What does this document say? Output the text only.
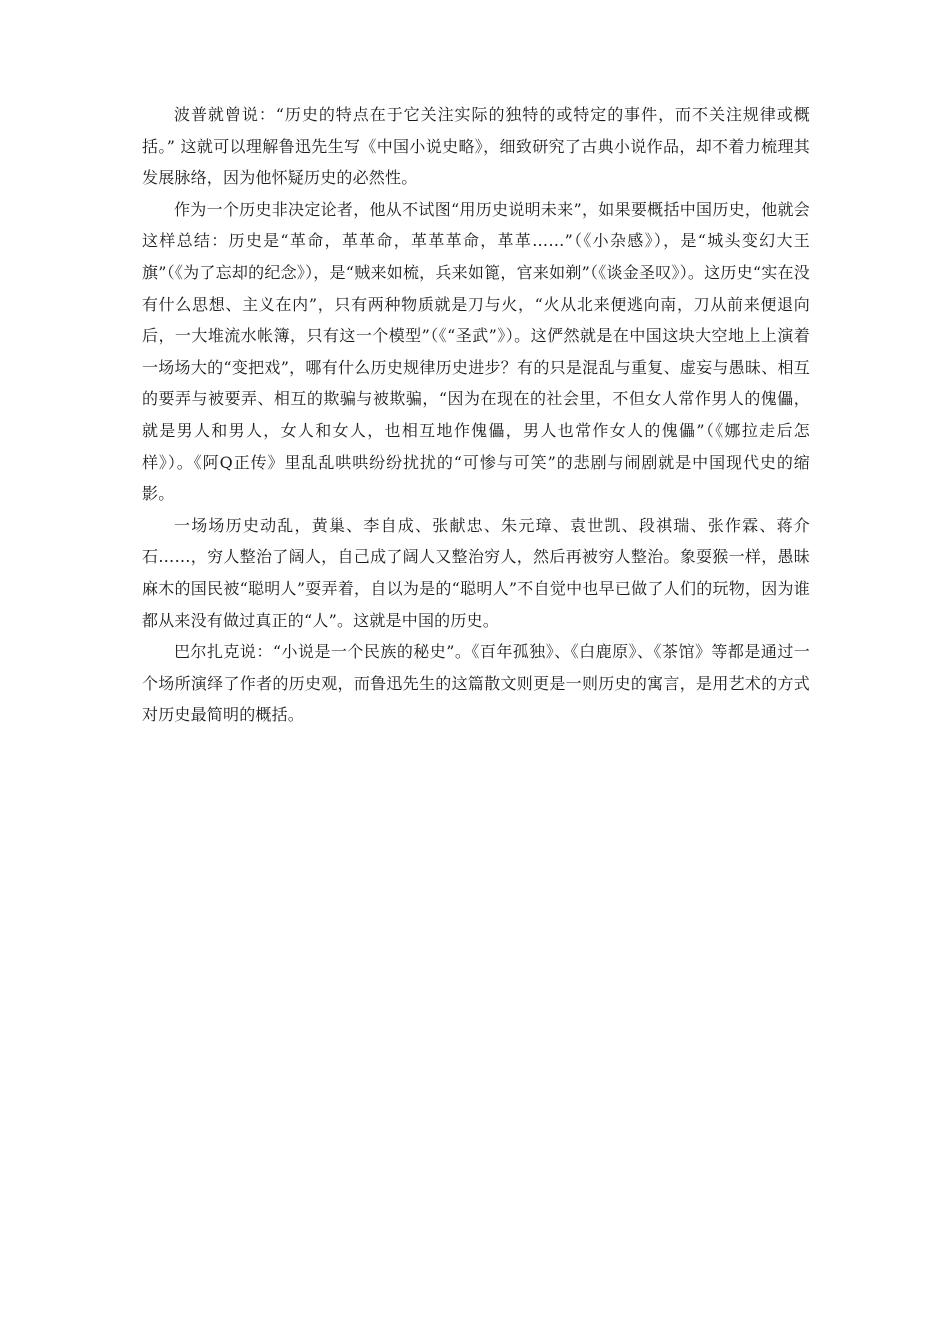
波普就曾说：“历史的特点在于它关注实际的独特的或特定的事件，而不关注规律或概括。” 这就可以理解鲁迅先生写《中国小说史略》，细致研究了古典小说作品，却不着力梳理其发展脉络，因为他怀疑历史的必然性。

作为一个历史非决定论者，他从不试图“用历史说明未来”，如果要概括中国历史，他就会这样总结：历史是“革命，革革命，革革革命，革革……”（《小杂感》），是“城头变幻大王旗”（《为了忘却的纪念》），是“贼来如梳，兵来如篦，官来如剃”（《谈金圣叹》）。这历史“实在没有什么思想、主义在内”，只有两种物质就是刀与火，“火从北来便逃向南，刀从前来便退向后，一大堆流水帐簿，只有这一个模型”（《“圣武”》）。这俨然就是在中国这块大空地上上演着一场场大的“变把戏”，哪有什么历史规律历史进步？有的只是混乱与重复、虚妄与愚昧、相互的要弄与被要弄、相互的欺骗与被欺骗，“因为在现在的社会里，不但女人常作男人的傀儡，就是男人和男人，女人和女人，也相互地作傀儡，男人也常作女人的傀儡”（《娜拉走后怎样》）。《阿Q正传》里乱乱哄哄纷纷扰扰的“可惨与可笑”的悲剧与闹剧就是中国现代史的缩影。

一场场历史动乱，黄巢、李自成、张献忠、朱元璋、袁世凯、段祺瑞、张作霖、蒋介石……，穷人整治了阔人，自己成了阔人又整治穷人，然后再被穷人整治。象耍猴一样，愚昧麻木的国民被“聪明人”耍弄着，自以为是的“聪明人”不自觉中也早已做了人们的玩物，因为谁都从来没有做过真正的“人”。这就是中国的历史。

巴尔扎克说：“小说是一个民族的秘史”。《百年孤独》、《白鹿原》、《茶馆》等都是通过一个场所演绎了作者的历史观，而鲁迅先生的这篇散文则更是一则历史的寓言，是用艺术的方式对历史最简明的概括。
